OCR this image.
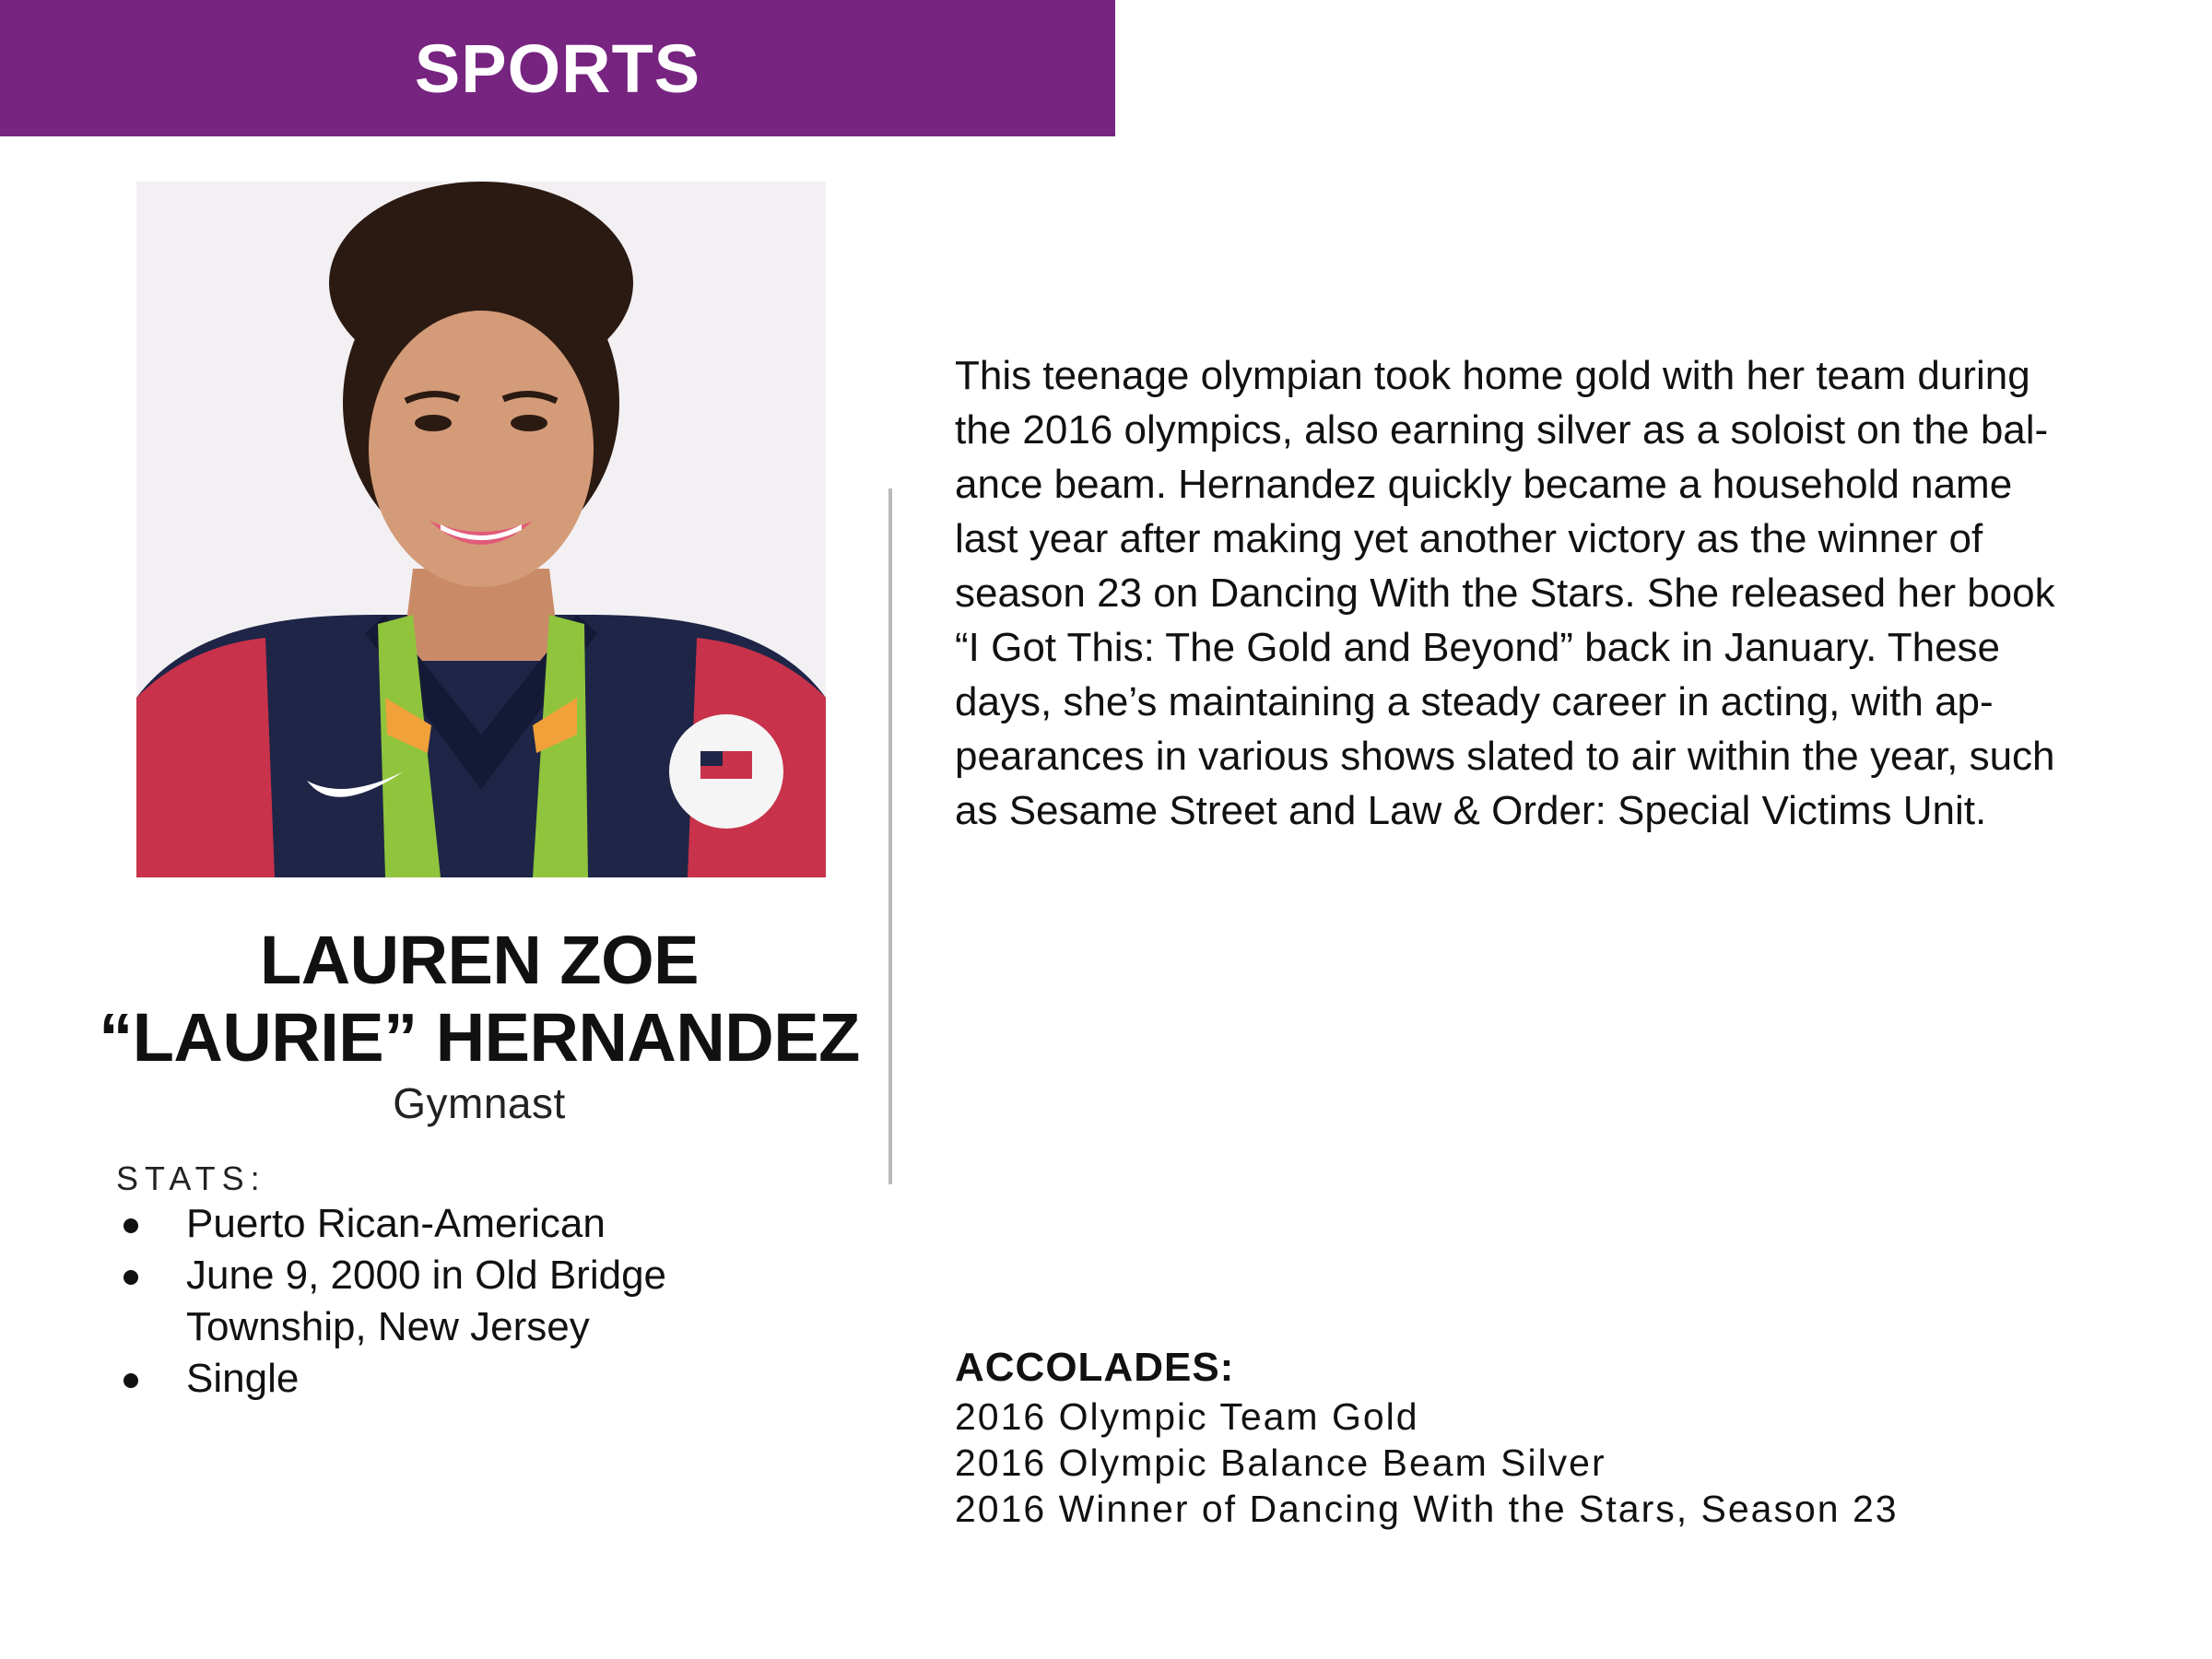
SPORTS

LAUREN ZOE

“LAURIE” HERNANDEZ

Gymnast
STATS:
Puerto Rican-American
June 9, 2000 in Old Bridge Township, New Jersey
Single

This teenage olympian took home gold with her team during
the 2016 olympics, also earning silver as a soloist on the bal-
ance beam. Hernandez quickly became a household name
last year after making yet another victory as the winner of
season 23 on Dancing With the Stars. She released her book
“I Got This: The Gold and Beyond” back in January. These
days, she’s maintaining a steady career in acting, with ap-
pearances in various shows slated to air within the year, such
as Sesame Street and Law & Order: Special Victims Unit.

ACCOLADES:
2016 Olympic Team Gold
2016 Olympic Balance Beam Silver
2016 Winner of Dancing With the Stars, Season 23
